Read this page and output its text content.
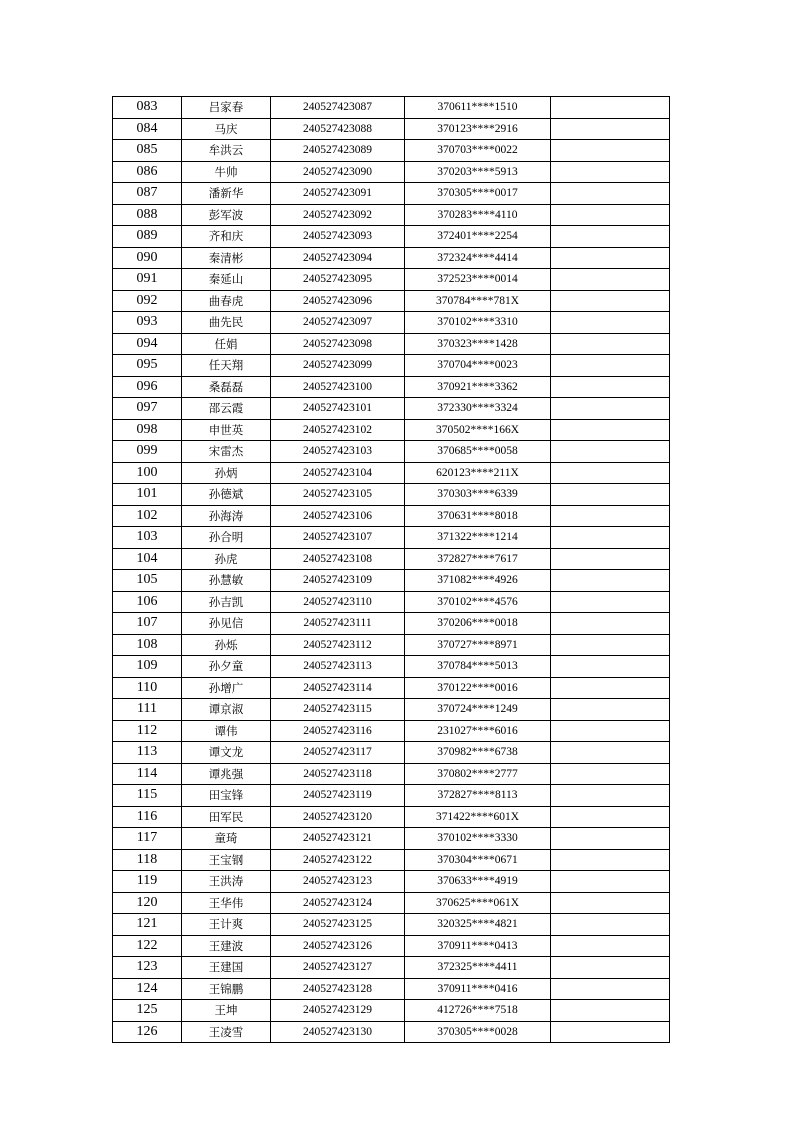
083	吕家春	240527423087	370611****1510	
084	马庆	240527423088	370123****2916	
085	牟洪云	240527423089	370703****0022	
086	牛帅	240527423090	370203****5913	
087	潘新华	240527423091	370305****0017	
088	彭军波	240527423092	370283****4110	
089	齐和庆	240527423093	372401****2254	
090	秦清彬	240527423094	372324****4414	
091	秦延山	240527423095	372523****0014	
092	曲春虎	240527423096	370784****781X	
093	曲先民	240527423097	370102****3310	
094	任娟	240527423098	370323****1428	
095	任天翔	240527423099	370704****0023	
096	桑磊磊	240527423100	370921****3362	
097	邵云霞	240527423101	372330****3324	
098	申世英	240527423102	370502****166X	
099	宋雷杰	240527423103	370685****0058	
100	孙炳	240527423104	620123****211X	
101	孙德斌	240527423105	370303****6339	
102	孙海涛	240527423106	370631****8018	
103	孙合明	240527423107	371322****1214	
104	孙虎	240527423108	372827****7617	
105	孙慧敏	240527423109	371082****4926	
106	孙吉凯	240527423110	370102****4576	
107	孙见信	240527423111	370206****0018	
108	孙烁	240527423112	370727****8971	
109	孙夕童	240527423113	370784****5013	
110	孙增广	240527423114	370122****0016	
111	谭京淑	240527423115	370724****1249	
112	谭伟	240527423116	231027****6016	
113	谭文龙	240527423117	370982****6738	
114	谭兆强	240527423118	370802****2777	
115	田宝锋	240527423119	372827****8113	
116	田军民	240527423120	371422****601X	
117	童琦	240527423121	370102****3330	
118	王宝钢	240527423122	370304****0671	
119	王洪涛	240527423123	370633****4919	
120	王华伟	240527423124	370625****061X	
121	王计爽	240527423125	320325****4821	
122	王建波	240527423126	370911****0413	
123	王建国	240527423127	372325****4411	
124	王锦鹏	240527423128	370911****0416	
125	王坤	240527423129	412726****7518	
126	王凌雪	240527423130	370305****0028	
